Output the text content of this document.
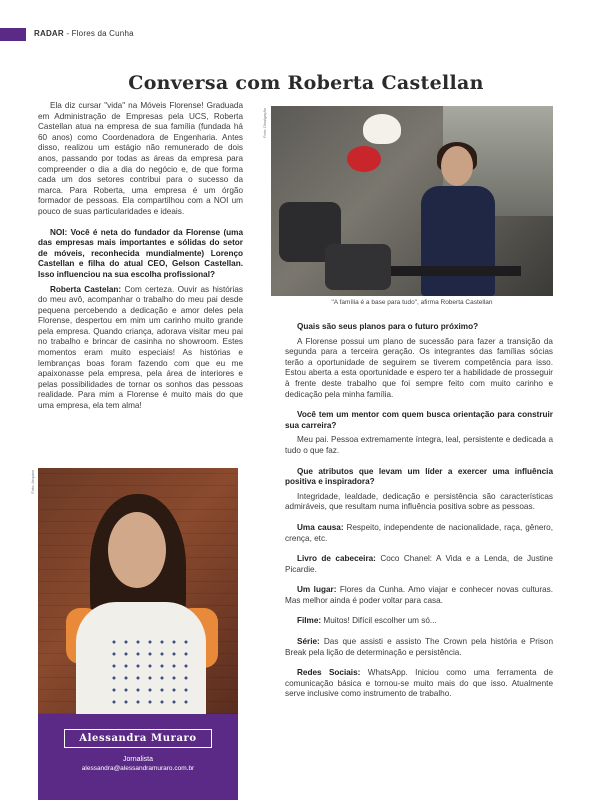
RADAR - Flores da Cunha
Conversa com Roberta Castellan

Ela diz cursar "vida" na Móveis Florense! Graduada em Administração de Empresas pela UCS, Roberta Castellan atua na empresa de sua família (fundada há 60 anos) como Coordenadora de Engenharia. Antes disso, realizou um estágio não remunerado de dois anos, passando por todas as áreas da empresa para compreender o dia a dia do negócio e, de que forma cada um dos setores contribui para o sucesso da marca. Para Roberta, uma empresa é um órgão formador de pessoas. Ela compartilhou com a NOI um pouco de suas particularidades e ideais.

NOI: Você é neta do fundador da Florense (uma das empresas mais importantes e sólidas do setor de móveis, reconhecida mundialmente) Lorenço Castellan e filha do atual CEO, Gelson Castellan. Isso influenciou na sua escolha profissional?

Roberta Castelan: Com certeza. Ouvir as histórias do meu avô, acompanhar o trabalho do meu pai desde pequena percebendo a dedicação e amor deles pela Florense, despertou em mim um carinho muito grande pela empresa. Quando criança, adorava visitar meu pai no trabalho e brincar de casinha no showroom. Estes momentos eram muito especiais! As histórias e lembranças boas foram fazendo com que eu me apaixonasse pela empresa, pela área de interiores e pelas possibilidades de tornar os sonhos das pessoas realidade. Para mim a Florense é muito mais do que uma empresa, ela tem alma!

Foto: Divulgação
"A família é a base para tudo", afirma Roberta Castellan

Quais são seus planos para o futuro próximo?

A Florense possui um plano de sucessão para fazer a transição da segunda para a terceira geração. Os integrantes das famílias sócias terão a oportunidade de seguirem se tiverem competência para isso. Estou aberta a esta oportunidade e espero ter a habilidade de prosseguir à frente deste trabalho que foi sempre feito com muito carinho e dedicação pela minha família.

Você tem um mentor com quem busca orientação para construir sua carreira?

Meu pai. Pessoa extremamente íntegra, leal, persistente e dedicada a tudo o que faz.

Que atributos que levam um líder a exercer uma influência positiva e inspiradora?

Integridade, lealdade, dedicação e persistência são características admiráveis, que resultam numa influência positiva sobre as pessoas.

Uma causa: Respeito, independente de nacionalidade, raça, gênero, crença, etc.

Livro de cabeceira: Coco Chanel: A Vida e a Lenda, de Justine Picardie.

Um lugar: Flores da Cunha. Amo viajar e conhecer novas culturas. Mas melhor ainda é poder voltar para casa.

Filme: Muitos! Difícil escolher um só...

Série: Das que assisti e assisto The Crown pela história e Prison Break pela lição de determinação e persistência.

Redes Sociais: WhatsApp. Iniciou como uma ferramenta de comunicação básica e tornou-se muito mais do que isso. Atualmente serve inclusive como instrumento de trabalho.

Foto: Arquivo
Alessandra Muraro
Jornalista
alessandra@alessandramuraro.com.br
